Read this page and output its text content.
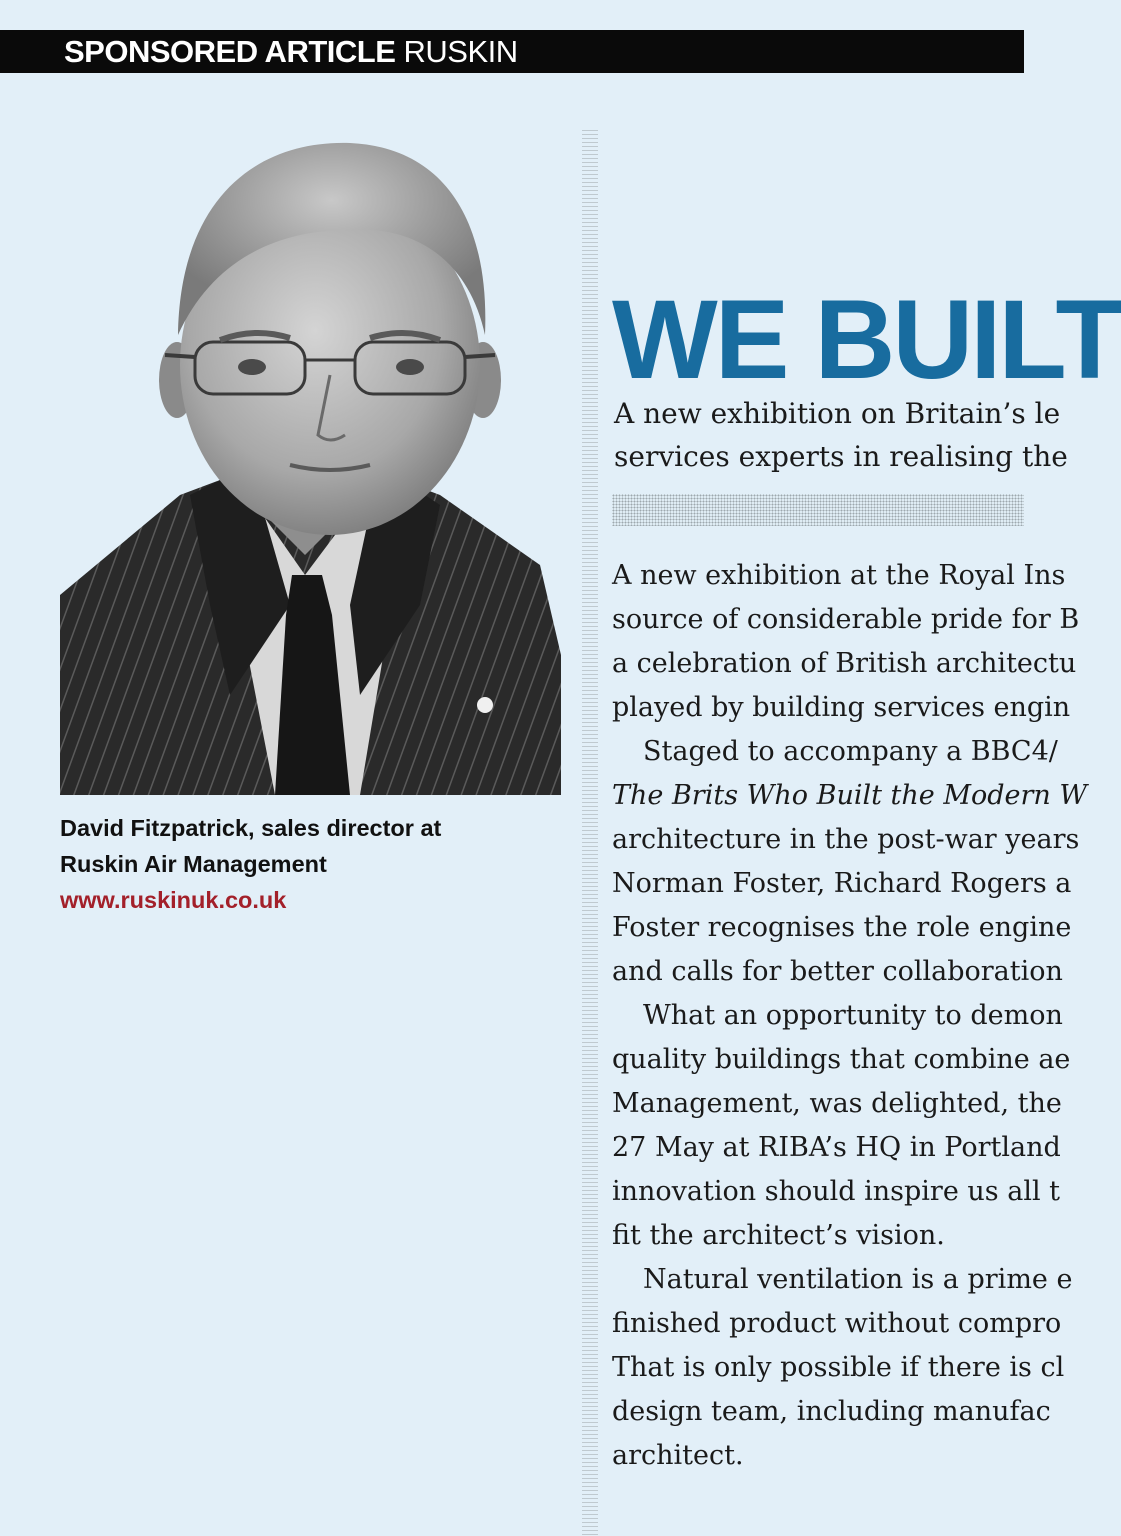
SPONSORED ARTICLE RUSKIN
David Fitzpatrick, sales director at
Ruskin Air Management
www.ruskinuk.co.uk
WE BUILT
A new exhibition on Britain’s le
services experts in realising the
A new exhibition at the Royal Ins
source of considerable pride for B
a celebration of British architectu
played by building services engin
Staged to accompany a BBC4/
The Brits Who Built the Modern W
architecture in the post-war years
Norman Foster, Richard Rogers a
Foster recognises the role engine
and calls for better collaboration
What an opportunity to demon
quality buildings that combine ae
Management, was delighted, the
27 May at RIBA’s HQ in Portland
innovation should inspire us all t
fit the architect’s vision.
Natural ventilation is a prime e
finished product without compro
That is only possible if there is cl
design team, including manufac
architect.
